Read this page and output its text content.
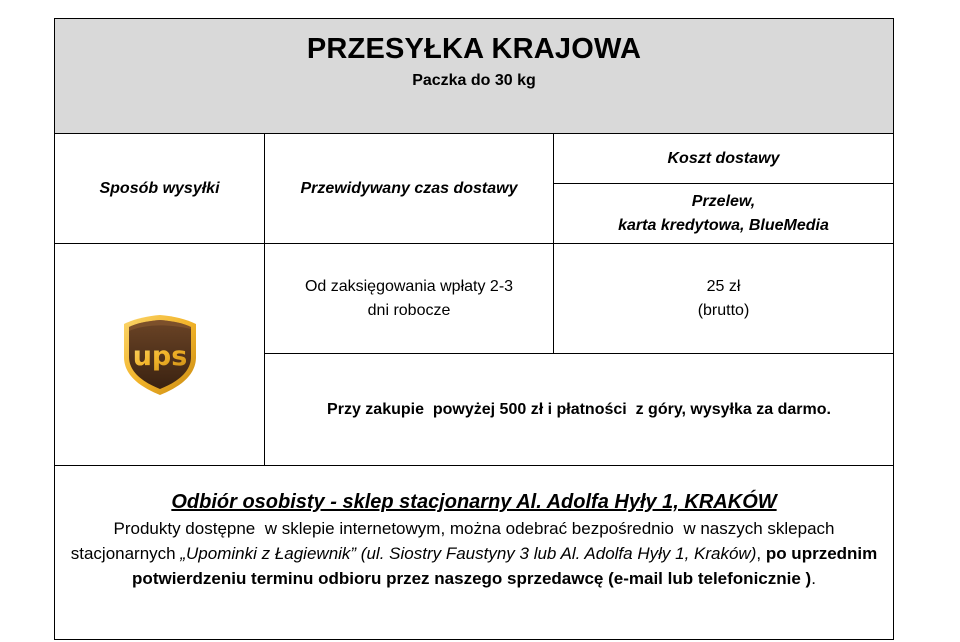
PRZESYŁKA KRAJOWA
Paczka do 30 kg
Sposób wysyłki	Przewidywany czas dostawy
Koszt dostawy
Przelew,
karta kredytowa, BlueMedia
ups
Od zaksięgowania wpłaty 2-3
dni robocze
25 zł
(brutto)
Przy zakupie  powyżej 500 zł i płatności  z góry, wysyłka za darmo.
Odbiór osobisty - sklep stacjonarny Al. Adolfa Hyły 1, KRAKÓW
Produkty dostępne  w sklepie internetowym, można odebrać bezpośrednio  w naszych sklepach stacjonarnych „Upominki z Łagiewnik” (ul. Siostry Faustyny 3 lub Al. Adolfa Hyły 1, Kraków), po uprzednim potwierdzeniu terminu odbioru przez naszego sprzedawcę (e-mail lub telefonicznie ).
